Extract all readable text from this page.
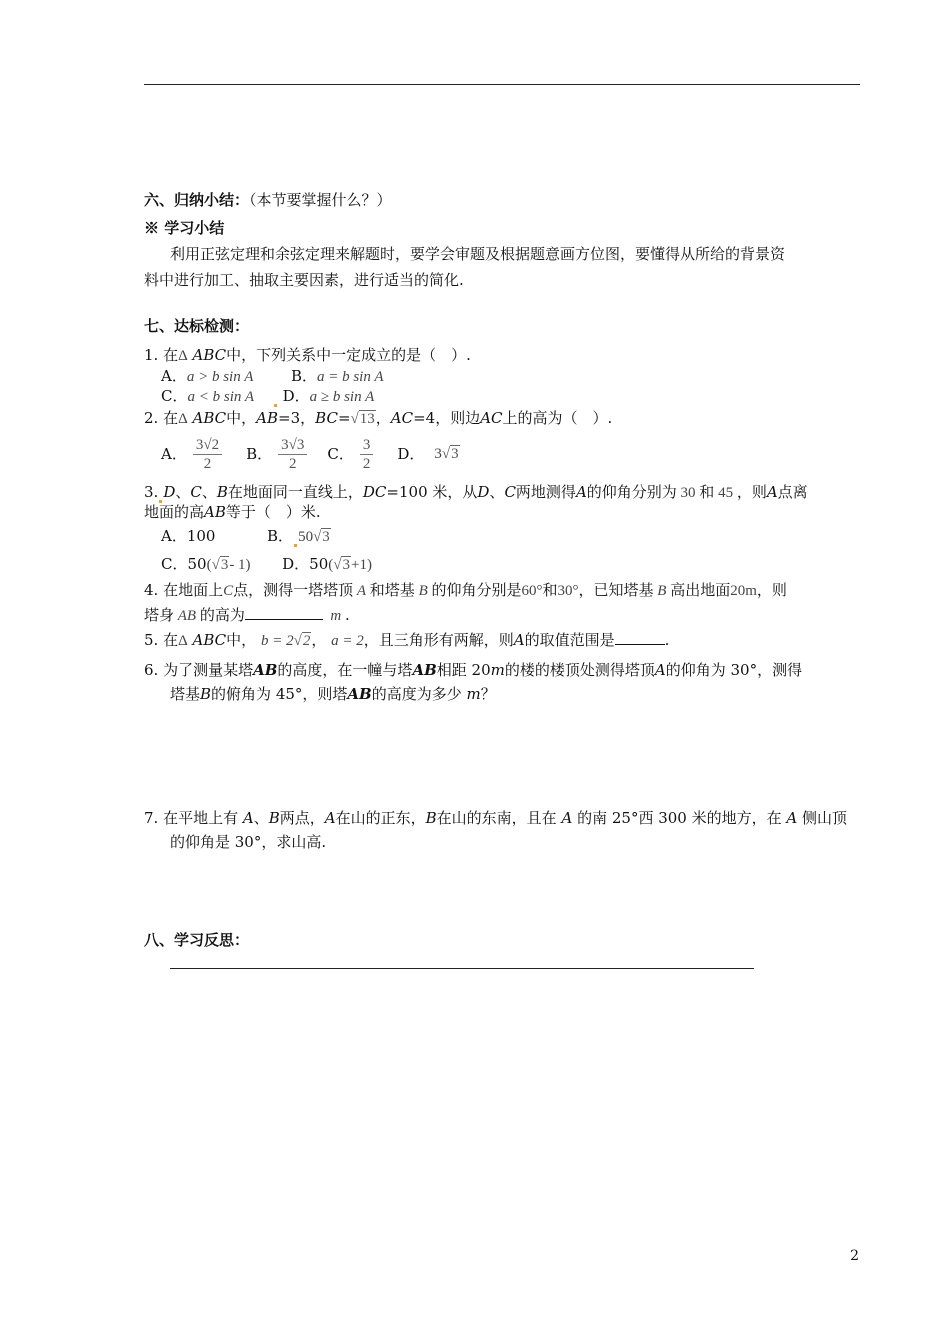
六、归纳小结：（本节要掌握什么？）
※ 学习小结
利用正弦定理和余弦定理来解题时，要学会审题及根据题意画方位图，要懂得从所给的背景资
料中进行加工、抽取主要因素，进行适当的简化.
七、达标检测：
1. 在Δ ABC中，下列关系中一定成立的是（　）.
A．a > b sin A	B．a = b sin A
C．a < b sin A D．a ≥ b sin A
2. 在Δ ABC中，AB=3，BC=√13，AC=4，则边AC上的高为（　）.
A． $\frac{3√2}{2}$ B． $\frac{3√3}{2}$ C． $\frac{3}{2}$ D． 3√3
3. D、C、B在地面同一直线上，DC=100 米，从D、C两地测得A的仰角分别为 30 和 45 ，则A点离
地面的高AB等于（　）米.
A．100	B． 50√3
C．50(√3- 1) D．50(√3+1)
4. 在地面上C点，测得一塔塔顶 A 和塔基 B 的仰角分别是60°和30°，已知塔基 B 高出地面20m，则
塔身 AB 的高为	m .
5. 在Δ ABC中， b = 2√2， a = 2，且三角形有两解，则A的取值范围是	.
6. 为了测量某塔AB的高度，在一幢与塔AB相距 20m的楼的楼顶处测得塔顶A的仰角为 30°，测得
塔基B的俯角为 45°，则塔AB的高度为多少 m？
7. 在平地上有 A、B两点，A在山的正东，B在山的东南，且在 A 的南 25°西 300 米的地方，在 A 侧山顶
的仰角是 30°，求山高.
八、学习反思：
2
